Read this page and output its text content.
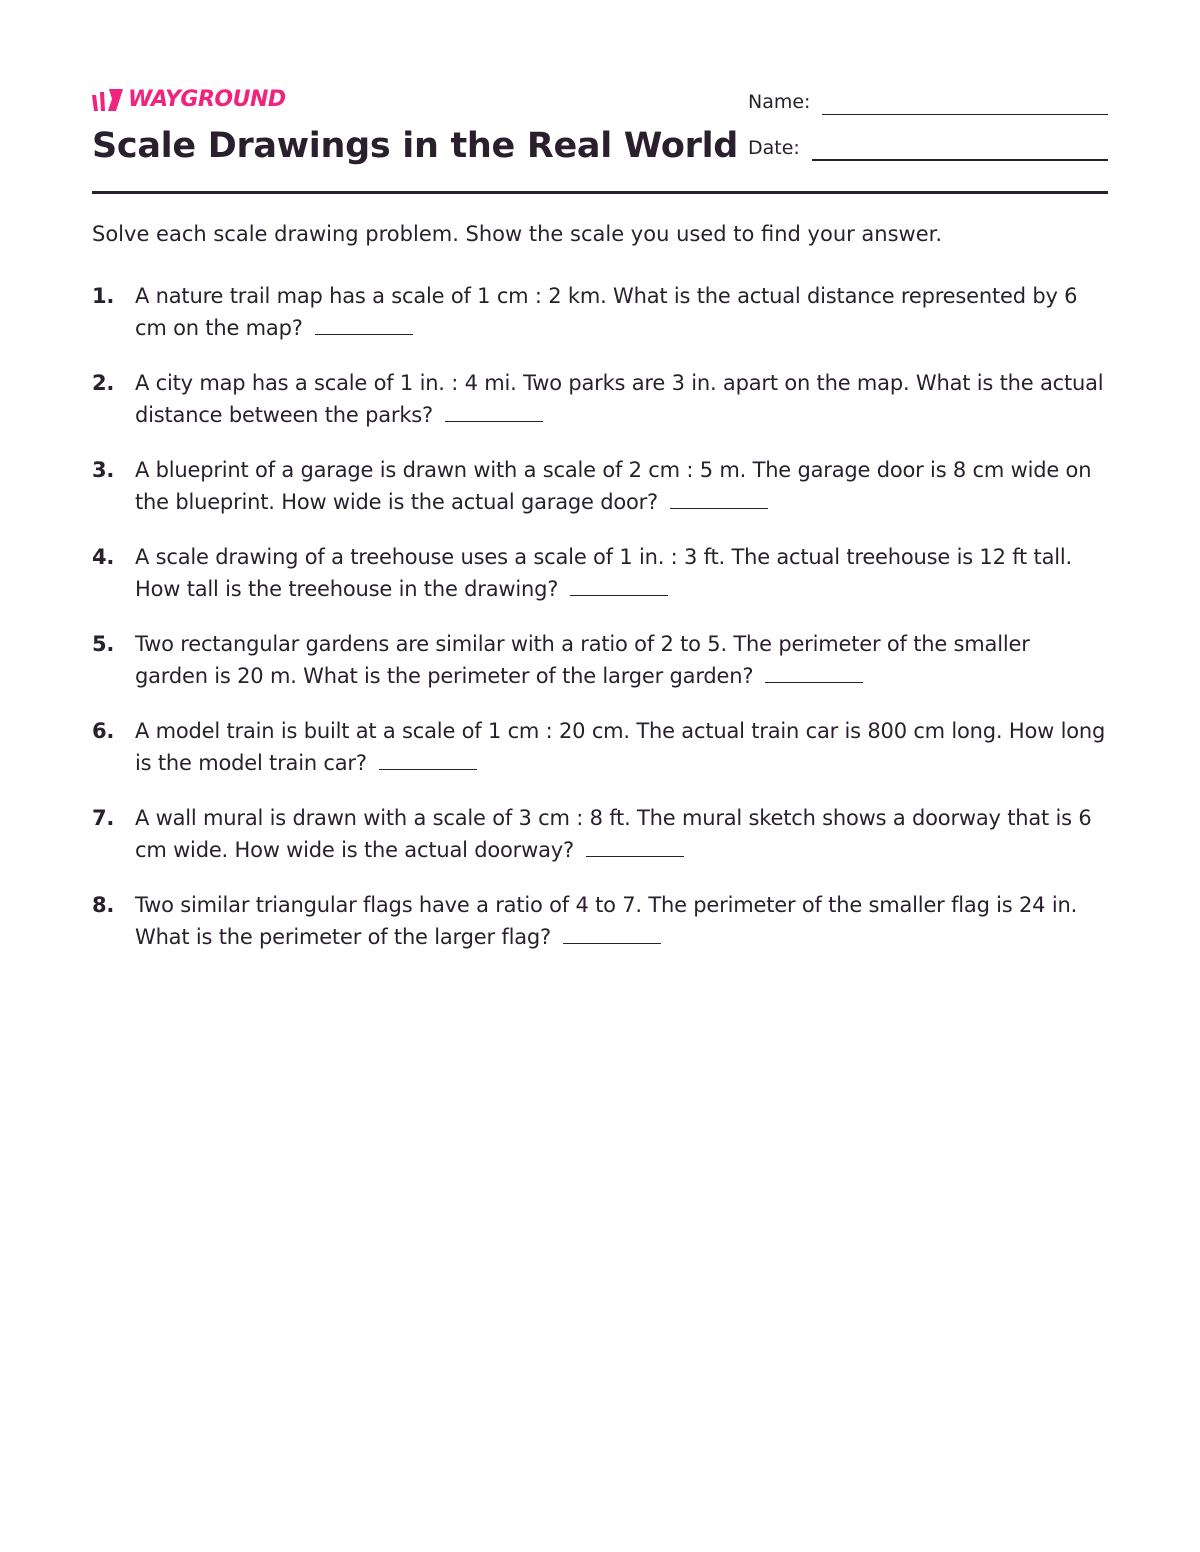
WAYGROUND
Scale Drawings in the Real World
Name:
Date:

Solve each scale drawing problem. Show the scale you used to find your answer.

1. A nature trail map has a scale of 1 cm : 2 km. What is the actual distance represented by 6 cm on the map?
2. A city map has a scale of 1 in. : 4 mi. Two parks are 3 in. apart on the map. What is the actual distance between the parks?
3. A blueprint of a garage is drawn with a scale of 2 cm : 5 m. The garage door is 8 cm wide on the blueprint. How wide is the actual garage door?
4. A scale drawing of a treehouse uses a scale of 1 in. : 3 ft. The actual treehouse is 12 ft tall. How tall is the treehouse in the drawing?
5. Two rectangular gardens are similar with a ratio of 2 to 5. The perimeter of the smaller garden is 20 m. What is the perimeter of the larger garden?
6. A model train is built at a scale of 1 cm : 20 cm. The actual train car is 800 cm long. How long is the model train car?
7. A wall mural is drawn with a scale of 3 cm : 8 ft. The mural sketch shows a doorway that is 6 cm wide. How wide is the actual doorway?
8. Two similar triangular flags have a ratio of 4 to 7. The perimeter of the smaller flag is 24 in. What is the perimeter of the larger flag?
